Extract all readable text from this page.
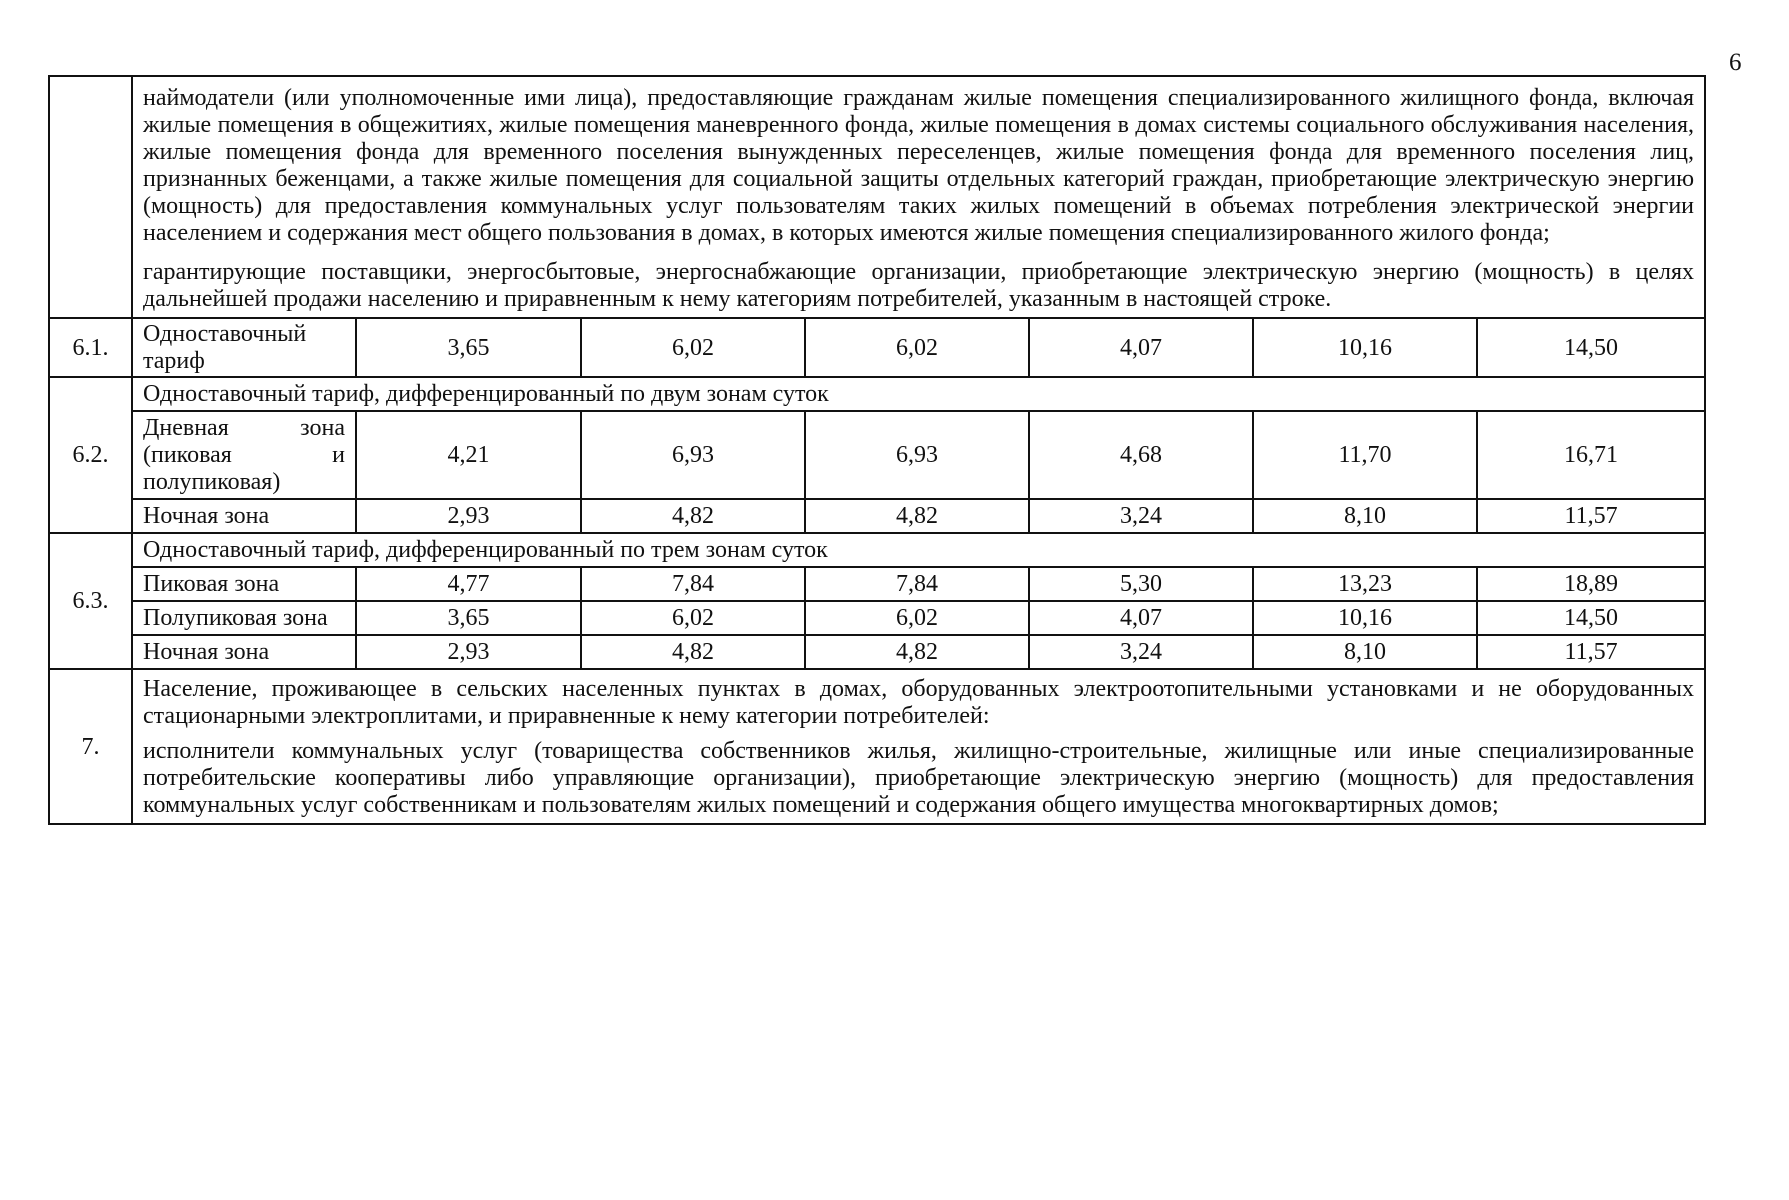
6

	наймодатели (или уполномоченные ими лица), предоставляющие гражданам жилые помещения специализированного жилищного фонда, включая жилые помещения в общежитиях, жилые помещения маневренного фонда, жилые помещения в домах системы социального обслуживания населения, жилые помещения фонда для временного поселения вынужденных переселенцев, жилые помещения фонда для временного поселения лиц, признанных беженцами, а также жилые помещения для социальной защиты отдельных категорий граждан, приобретающие электрическую энергию (мощность) для предоставления коммунальных услуг пользователям таких жилых помещений в объемах потребления электрической энергии населением и содержания мест общего пользования в домах, в которых имеются жилые помещения специализированного жилого фонда;

гарантирующие поставщики, энергосбытовые, энергоснабжающие организации, приобретающие электрическую энергию (мощность) в целях дальнейшей продажи населению и приравненным к нему категориям потребителей, указанным в настоящей строке.						

6.1.	Одноставочный тариф	3,65	6,02	6,02	4,07	10,16	14,50
6.2.	Одноставочный тариф, дифференцированный по двум зонам суток						
	Дневная зона (пиковая и полупиковая)	4,21	6,93	6,93	4,68	11,70	16,71
	Ночная зона	2,93	4,82	4,82	3,24	8,10	11,57
6.3.	Одноставочный тариф, дифференцированный по трем зонам суток						
	Пиковая зона	4,77	7,84	7,84	5,30	13,23	18,89
	Полупиковая зона	3,65	6,02	6,02	4,07	10,16	14,50
	Ночная зона	2,93	4,82	4,82	3,24	8,10	11,57
7.	Население, проживающее в сельских населенных пунктах в домах, оборудованных электроотопительными установками и не оборудованных стационарными электроплитами, и приравненные к нему категории потребителей:

исполнители коммунальных услуг (товарищества собственников жилья, жилищно-строительные, жилищные или иные специализированные потребительские кооперативы либо управляющие организации), приобретающие электрическую энергию (мощность) для предоставления коммунальных услуг собственникам и пользователям жилых помещений и содержания общего имущества многоквартирных домов;						
